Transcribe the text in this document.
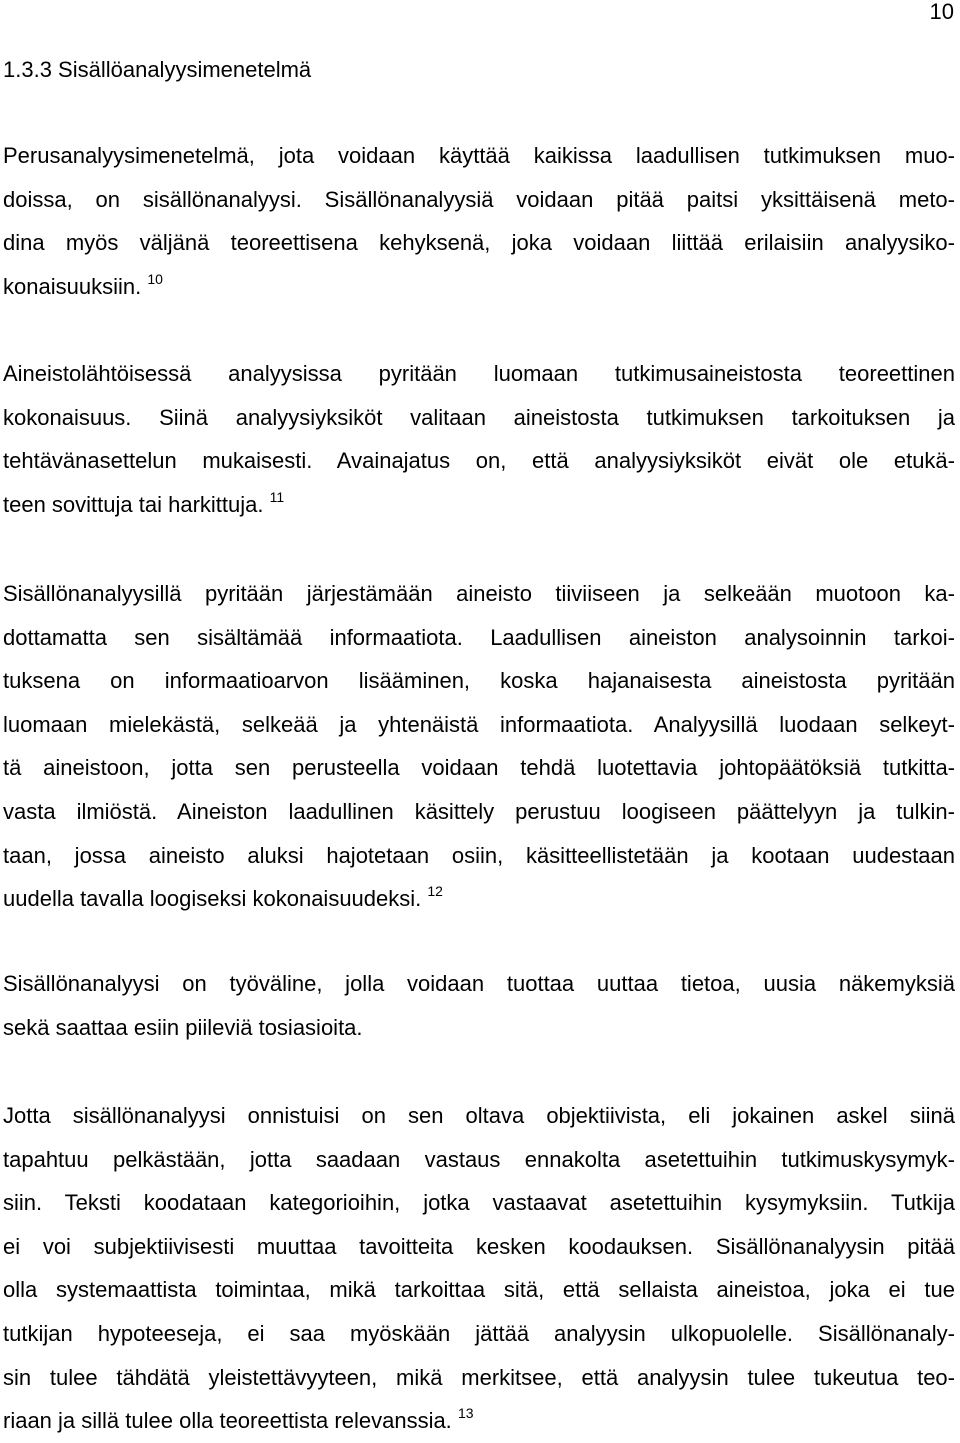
10
1.3.3 Sisällöanalyysimenetelmä

Perusanalyysimenetelmä, jota voidaan käyttää kaikissa laadullisen tutkimuksen muo-
doissa, on sisällönanalyysi. Sisällönanalyysiä voidaan pitää paitsi yksittäisenä meto-
dina myös väljänä teoreettisena kehyksenä, joka voidaan liittää erilaisiin analyysiko-
konaisuuksiin. $^{10}$

Aineistolähtöisessä analyysissa pyritään luomaan tutkimusaineistosta teoreettinen
kokonaisuus. Siinä analyysiyksiköt valitaan aineistosta tutkimuksen tarkoituksen ja
tehtävänasettelun mukaisesti. Avainajatus on, että analyysiyksiköt eivät ole etukä-
teen sovittuja tai harkittuja. $^{11}$

Sisällönanalyysillä pyritään järjestämään aineisto tiiviiseen ja selkeään muotoon ka-
dottamatta sen sisältämää informaatiota. Laadullisen aineiston analysoinnin tarkoi-
tuksena on informaatioarvon lisääminen, koska hajanaisesta aineistosta pyritään
luomaan mielekästä, selkeää ja yhtenäistä informaatiota. Analyysillä luodaan selkeyt-
tä aineistoon, jotta sen perusteella voidaan tehdä luotettavia johtopäätöksiä tutkitta-
vasta ilmiöstä. Aineiston laadullinen käsittely perustuu loogiseen päättelyyn ja tulkin-
taan, jossa aineisto aluksi hajotetaan osiin, käsitteellistetään ja kootaan uudestaan
uudella tavalla loogiseksi kokonaisuudeksi. $^{12}$

Sisällönanalyysi on työväline, jolla voidaan tuottaa uuttaa tietoa, uusia näkemyksiä
sekä saattaa esiin piileviä tosiasioita.

Jotta sisällönanalyysi onnistuisi on sen oltava objektiivista, eli jokainen askel siinä
tapahtuu pelkästään, jotta saadaan vastaus ennakolta asetettuihin tutkimuskysymyk-
siin. Teksti koodataan kategorioihin, jotka vastaavat asetettuihin kysymyksiin. Tutkija
ei voi subjektiivisesti muuttaa tavoitteita kesken koodauksen. Sisällönanalyysin pitää
olla systemaattista toimintaa, mikä tarkoittaa sitä, että sellaista aineistoa, joka ei tue
tutkijan hypoteeseja, ei saa myöskään jättää analyysin ulkopuolelle. Sisällönanaly-
sin tulee tähdätä yleistettävyyteen, mikä merkitsee, että analyysin tulee tukeutua teo-
riaan ja sillä tulee olla teoreettista relevanssia. $^{13}$
